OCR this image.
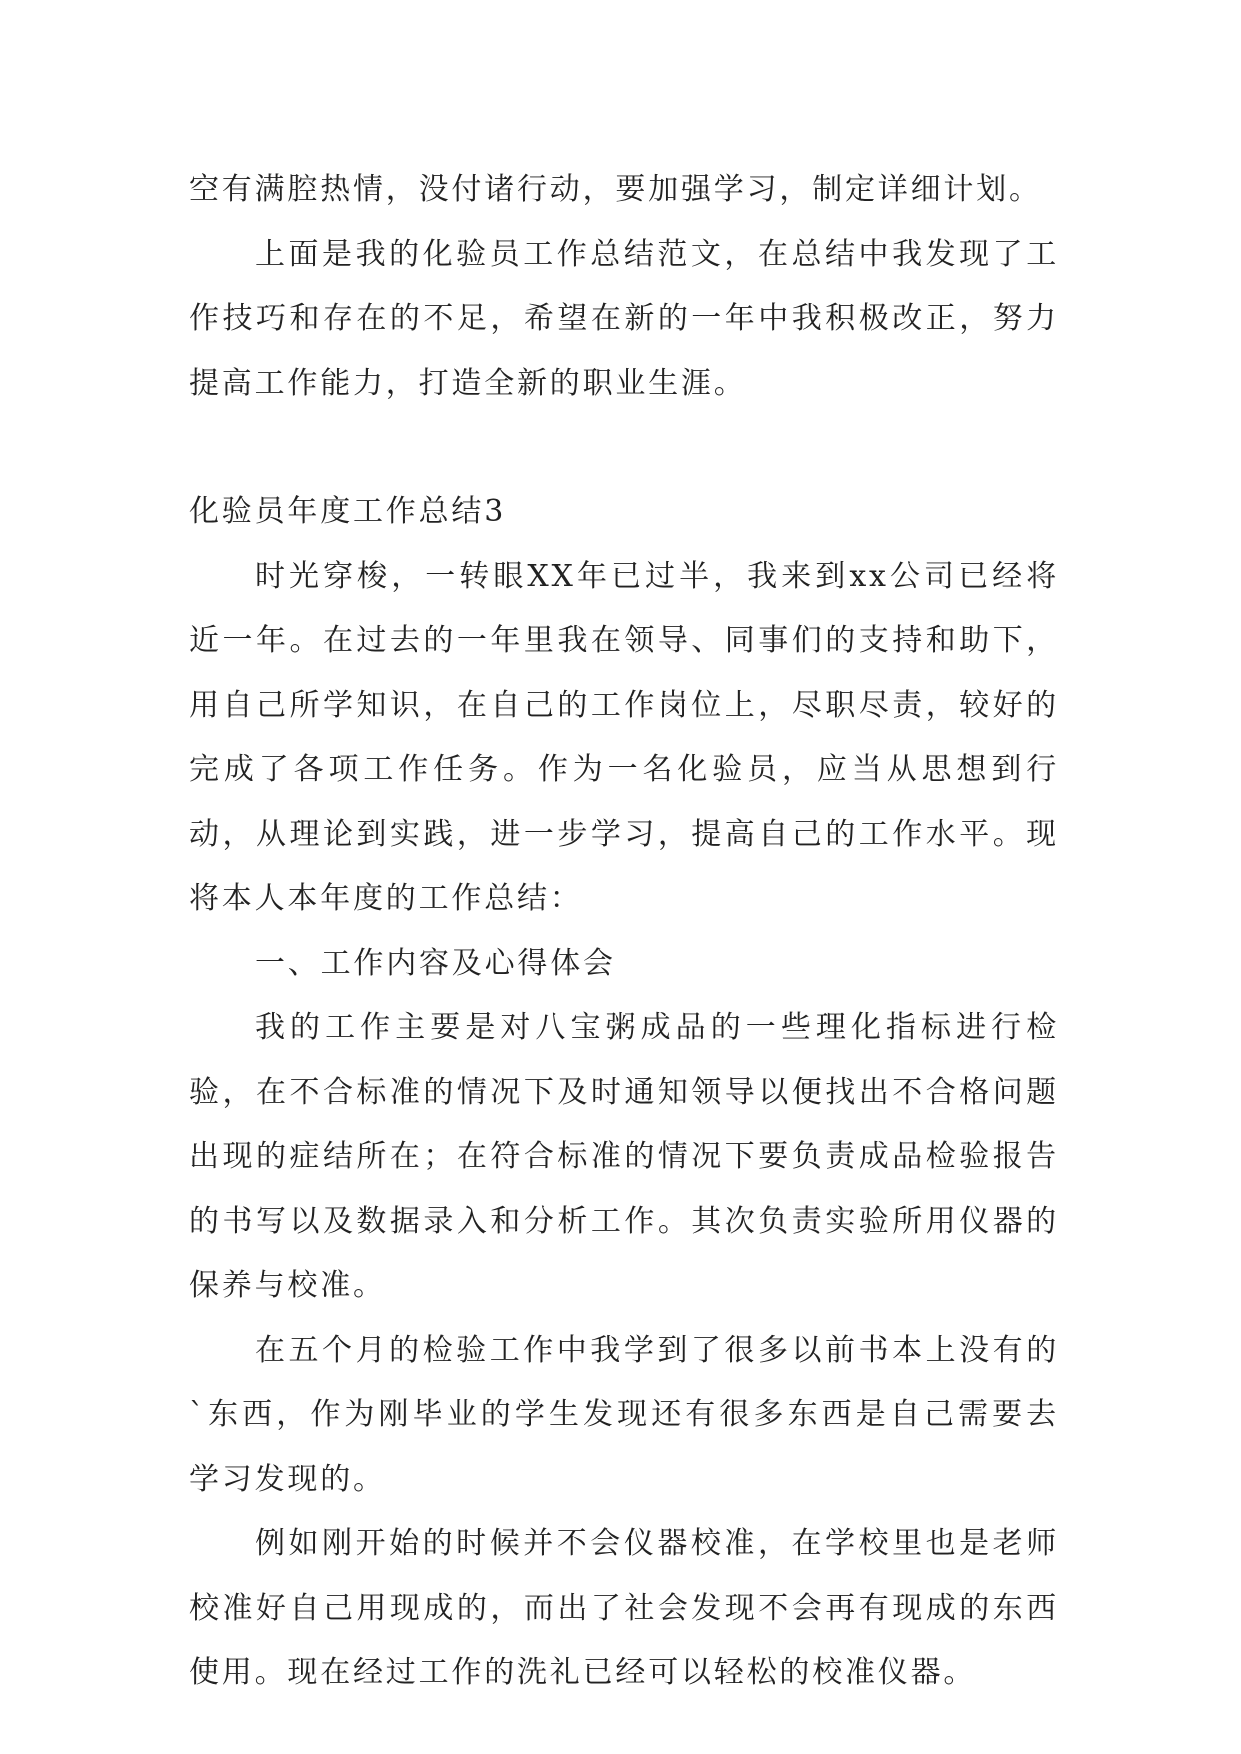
空有满腔热情，没付诸行动，要加强学习，制定详细计划。

上面是我的化验员工作总结范文，在总结中我发现了工作技巧和存在的不足，希望在新的一年中我积极改正，努力提高工作能力，打造全新的职业生涯。

化验员年度工作总结3

时光穿梭，一转眼XX年已过半，我来到xx公司已经将近一年。在过去的一年里我在领导、同事们的支持和助下，用自己所学知识，在自己的工作岗位上，尽职尽责，较好的完成了各项工作任务。作为一名化验员，应当从思想到行动，从理论到实践，进一步学习，提高自己的工作水平。现将本人本年度的工作总结：

一、工作内容及心得体会

我的工作主要是对八宝粥成品的一些理化指标进行检验，在不合标准的情况下及时通知领导以便找出不合格问题出现的症结所在；在符合标准的情况下要负责成品检验报告的书写以及数据录入和分析工作。其次负责实验所用仪器的保养与校准。

在五个月的检验工作中我学到了很多以前书本上没有的`东西，作为刚毕业的学生发现还有很多东西是自己需要去学习发现的。

例如刚开始的时候并不会仪器校准，在学校里也是老师校准好自己用现成的，而出了社会发现不会再有现成的东西使用。现在经过工作的洗礼已经可以轻松的校准仪器。
